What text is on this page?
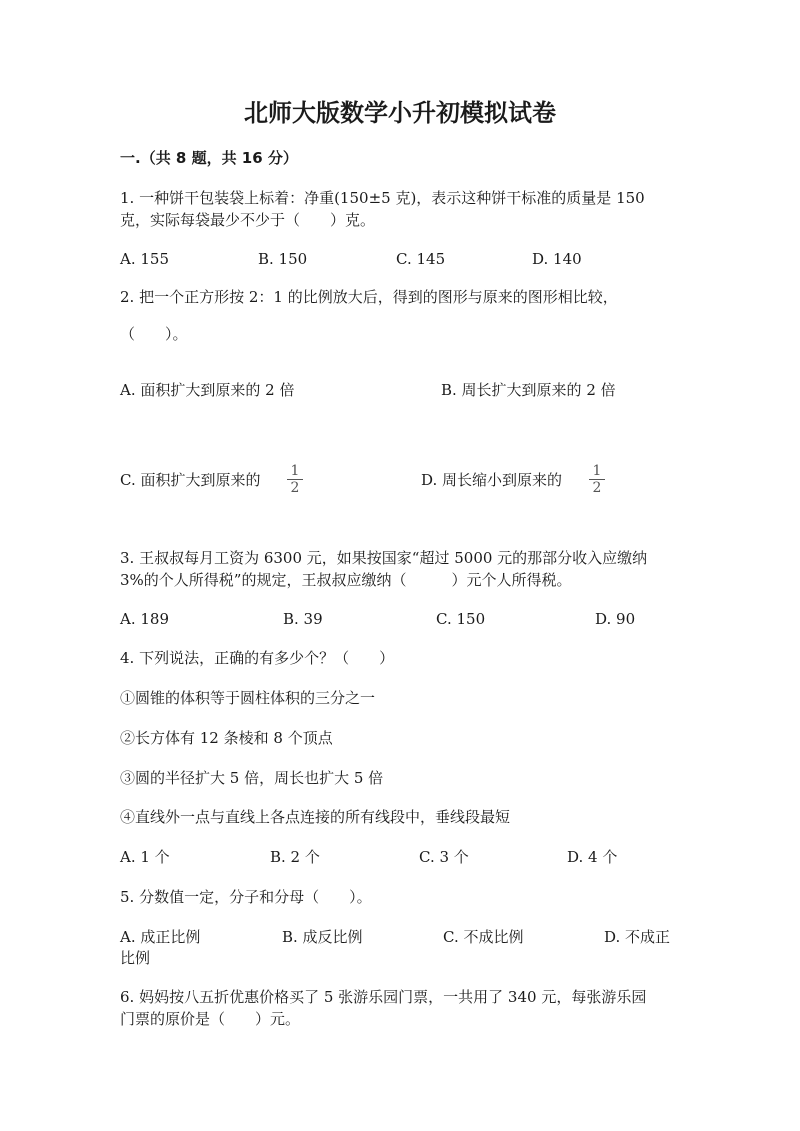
北师大版数学小升初模拟试卷
一.（共 8 题，共 16 分）
1. 一种饼干包装袋上标着：净重(150±5 克)，表示这种饼干标准的质量是 150
克，实际每袋最少不少于（　　）克。
A. 155	B. 150	C. 145	D. 140
2. 把一个正方形按 2：1 的比例放大后，得到的图形与原来的图形相比较，
（　　）。
A. 面积扩大到原来的 2 倍	B. 周长扩大到原来的 2 倍
C. 面积扩大到原来的 $\frac{1}{2}$	D. 周长缩小到原来的 $\frac{1}{2}$
3. 王叔叔每月工资为 6300 元，如果按国家“超过 5000 元的那部分收入应缴纳
3%的个人所得税”的规定，王叔叔应缴纳（　　　）元个人所得税。
A. 189	B. 39	C. 150	D. 90
4. 下列说法，正确的有多少个？（　　）
①圆锥的体积等于圆柱体积的三分之一
②长方体有 12 条棱和 8 个顶点
③圆的半径扩大 5 倍，周长也扩大 5 倍
④直线外一点与直线上各点连接的所有线段中，垂线段最短
A. 1 个	B. 2 个	C. 3 个	D. 4 个
5. 分数值一定，分子和分母（　　）。
A. 成正比例	B. 成反比例	C. 不成比例	D. 不成正
比例
6. 妈妈按八五折优惠价格买了 5 张游乐园门票，一共用了 340 元，每张游乐园
门票的原价是（　　）元。
